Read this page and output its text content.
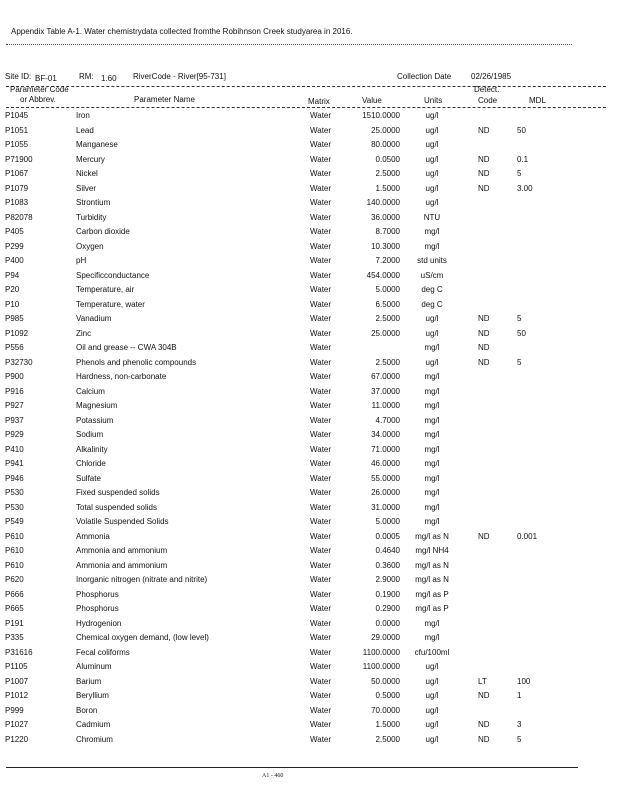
Appendix Table A-1. Water chemistrydata collected fromthe Robihnson Creek studyarea in 2016.
Site ID: BF-01	RM: 1.60 RiverCode - River[95-731]	Collection Date 02/26/1985
Parameter Code
or Abbrev.	Parameter Name	Matrix	Value	Units
Detect.
Code	MDL
P1045	Iron	Water	1510.0000	ug/l
P1051	Lead	Water	25.0000	ug/l	ND	50
P1055	Manganese	Water	80.0000	ug/l
P71900	Mercury	Water	0.0500	ug/l	ND	0.1
P1067	Nickel	Water	2.5000	ug/l	ND	5
P1079	Silver	Water	1.5000	ug/l	ND	3.00
P1083	Strontium	Water	140.0000	ug/l
P82078	Turbidity	Water	36.0000	NTU
P405	Carbon dioxide	Water	8.7000	mg/l
P299	Oxygen	Water	10.3000	mg/l
P400	pH	Water	7.2000	std units
P94	Specificconductance	Water	454.0000	uS/cm
P20	Temperature, air	Water	5.0000	deg C
P10	Temperature, water	Water	6.5000	deg C
P985	Vanadium	Water	2.5000	ug/l	ND	5
P1092	Zinc	Water	25.0000	ug/l	ND	50
P556	Oil and grease -- CWA 304B	Water	mg/l	ND
P32730	Phenols and phenolic compounds	Water	2.5000	ug/l	ND	5
P900	Hardness, non-carbonate	Water	67.0000	mg/l
P916	Calcium	Water	37.0000	mg/l
P927	Magnesium	Water	11.0000	mg/l
P937	Potassium	Water	4.7000	mg/l
P929	Sodium	Water	34.0000	mg/l
P410	Alkalinity	Water	71.0000	mg/l
P941	Chloride	Water	46.0000	mg/l
P946	Sulfate	Water	55.0000	mg/l
P530	Fixed suspended solids	Water	26.0000	mg/l
P530	Total suspended solids	Water	31.0000	mg/l
P549	Volatile Suspended Solids	Water	5.0000	mg/l
P610	Ammonia	Water	0.0005	mg/l as N	ND	0.001
P610	Ammonia and ammonium	Water	0.4640	mg/l NH4
P610	Ammonia and ammonium	Water	0.3600	mg/l as N
P620	Inorganic nitrogen (nitrate and nitrite)	Water	2.9000	mg/l as N
P666	Phosphorus	Water	0.1900	mg/l as P
P665	Phosphorus	Water	0.2900	mg/l as P
P191	Hydrogenion	Water	0.0000	mg/l
P335	Chemical oxygen demand, (low level)	Water	29.0000	mg/l
P31616	Fecal coliforms	Water	1100.0000	cfu/100ml
P1105	Aluminum	Water	1100.0000	ug/l
P1007	Barium	Water	50.0000	ug/l	LT	100
P1012	Beryllium	Water	0.5000	ug/l	ND	1
P999	Boron	Water	70.0000	ug/l
P1027	Cadmium	Water	1.5000	ug/l	ND	3
P1220	Chromium	Water	2.5000	ug/l	ND	5
A1 - 460
